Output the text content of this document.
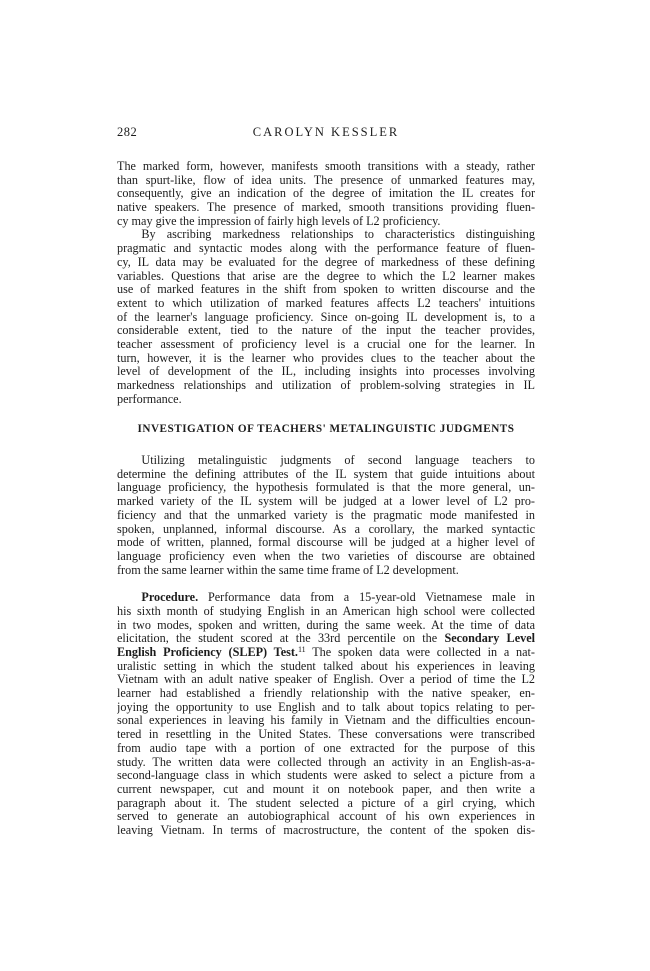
282	CAROLYN KESSLER
The marked form, however, manifests smooth transitions with a steady, rather
than spurt-like, flow of idea units. The presence of unmarked features may,
consequently, give an indication of the degree of imitation the IL creates for
native speakers. The presence of marked, smooth transitions providing fluen-
cy may give the impression of fairly high levels of L2 proficiency.
By ascribing markedness relationships to characteristics distinguishing
pragmatic and syntactic modes along with the performance feature of fluen-
cy, IL data may be evaluated for the degree of markedness of these defining
variables. Questions that arise are the degree to which the L2 learner makes
use of marked features in the shift from spoken to written discourse and the
extent to which utilization of marked features affects L2 teachers' intuitions
of the learner's language proficiency. Since on-going IL development is, to a
considerable extent, tied to the nature of the input the teacher provides,
teacher assessment of proficiency level is a crucial one for the learner. In
turn, however, it is the learner who provides clues to the teacher about the
level of development of the IL, including insights into processes involving
markedness relationships and utilization of problem-solving strategies in IL
performance.
INVESTIGATION OF TEACHERS' METALINGUISTIC JUDGMENTS
Utilizing metalinguistic judgments of second language teachers to
determine the defining attributes of the IL system that guide intuitions about
language proficiency, the hypothesis formulated is that the more general, un-
marked variety of the IL system will be judged at a lower level of L2 pro-
ficiency and that the unmarked variety is the pragmatic mode manifested in
spoken, unplanned, informal discourse. As a corollary, the marked syntactic
mode of written, planned, formal discourse will be judged at a higher level of
language proficiency even when the two varieties of discourse are obtained
from the same learner within the same time frame of L2 development.
  Procedure. Performance data from a 15-year-old Vietnamese male in
his sixth month of studying English in an American high school were collected
in two modes, spoken and written, during the same week. At the time of data
elicitation, the student scored at the 33rd percentile on the Secondary Level
English Proficiency (SLEP) Test.$^{11}$ The spoken data were collected in a nat-
uralistic setting in which the student talked about his experiences in leaving
Vietnam with an adult native speaker of English. Over a period of time the L2
learner had established a friendly relationship with the native speaker, en-
joying the opportunity to use English and to talk about topics relating to per-
sonal experiences in leaving his family in Vietnam and the difficulties encoun-
tered in resettling in the United States. These conversations were transcribed
from audio tape with a portion of one extracted for the purpose of this
study. The written data were collected through an activity in an English-as-a-
second-language class in which students were asked to select a picture from a
current newspaper, cut and mount it on notebook paper, and then write a
paragraph about it. The student selected a picture of a girl crying, which
served to generate an autobiographical account of his own experiences in
leaving Vietnam. In terms of macrostructure, the content of the spoken dis-
